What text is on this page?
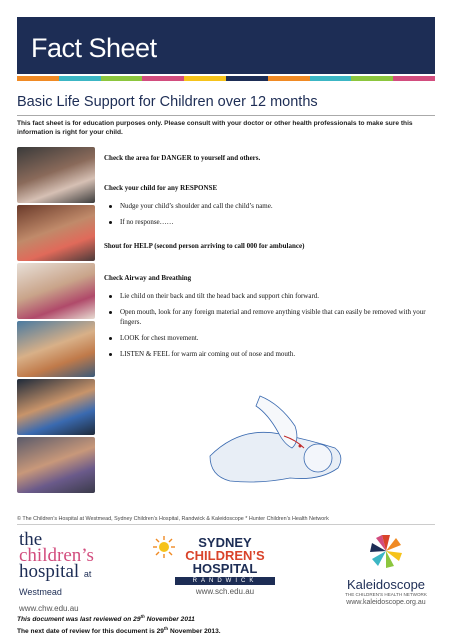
Fact Sheet
Basic Life Support for Children over 12 months
This fact sheet is for education purposes only. Please consult with your doctor or other health professionals to make sure this information is right for your child.

Check the area for DANGER to yourself and others.

Check your child for any RESPONSE

Nudge your child’s shoulder and call the child’s name.

If no response……

Shout for HELP (second person arriving to call 000 for ambulance)

Check Airway and Breathing

Lie child on their back and tilt the head back and support chin forward.

Open mouth, look for any foreign material and remove anything visible that can easily be removed with your fingers.

LOOK for chest movement.

LISTEN & FEEL for warm air coming out of nose and mouth.

© The Children’s Hospital at Westmead, Sydney Children’s Hospital, Randwick & Kaleidoscope * Hunter Children’s Health Network
the
children’s
hospital at Westmead
www.chw.edu.au
SYDNEY
CHILDREN’S
HOSPITAL
RANDWICK
www.sch.edu.au	Kaleidoscope
THE CHILDREN’S HEALTH NETWORK
www.kaleidoscope.org.au
This document was last reviewed on 29th November 2011
The next date of review for this document is 29th November 2013.
